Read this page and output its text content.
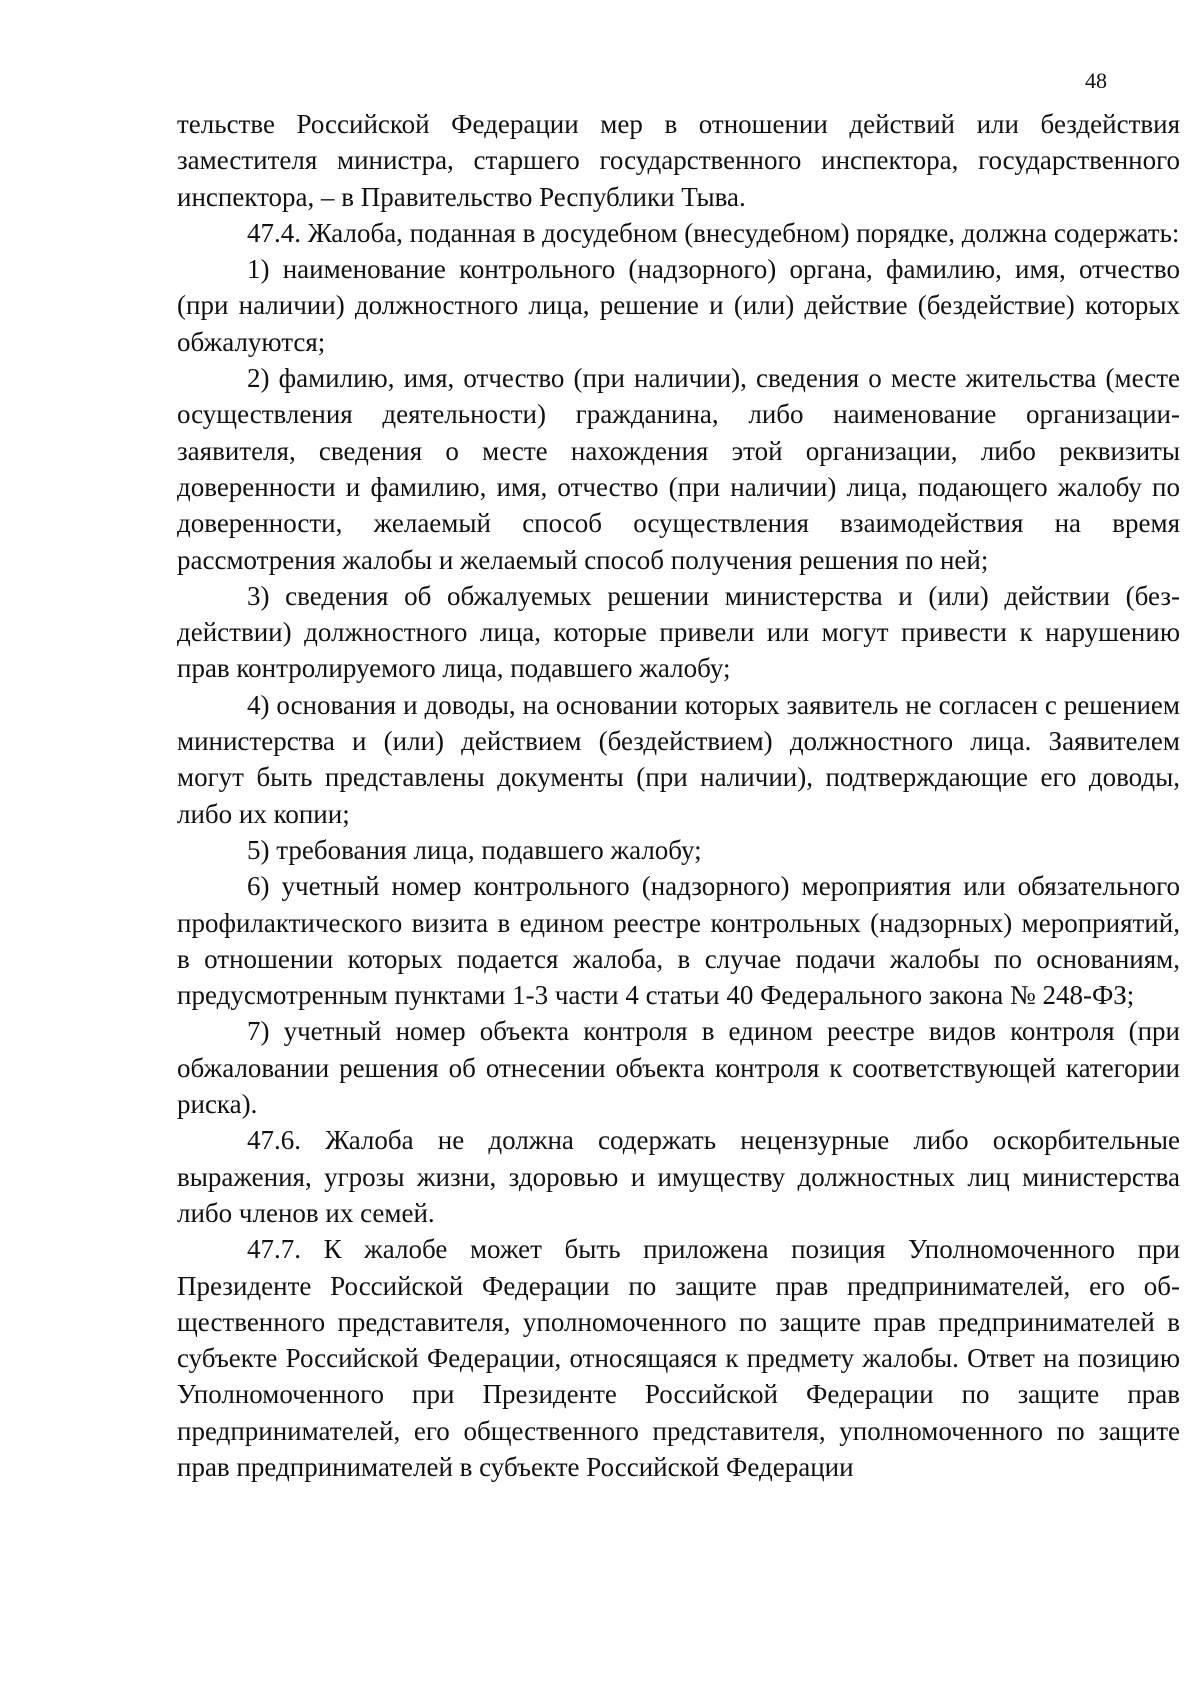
48

тельстве Российской Федерации мер в отношении действий или бездействия заместителя министра, старшего государственного инспектора, государственного инспектора, – в Правительство Республики Тыва.

47.4. Жалоба, поданная в досудебном (внесудебном) порядке, должна содержать:

1) наименование контрольного (надзорного) органа, фамилию, имя, отчество (при наличии) должностного лица, решение и (или) действие (бездействие) которых обжалуются;

2) фамилию, имя, отчество (при наличии), сведения о месте жительства (месте осуществления деятельности) гражданина, либо наименование организации-заявителя, сведения о месте нахождения этой организации, либо реквизиты доверенности и фамилию, имя, отчество (при наличии) лица, подающего жалобу по доверенности, желаемый способ осуществления взаимодействия на время рассмотрения жалобы и желаемый способ получения решения по ней;

3) сведения об обжалуемых решении министерства и (или) действии (бездействии) должностного лица, которые привели или могут привести к нарушению прав контролируемого лица, подавшего жалобу;

4) основания и доводы, на основании которых заявитель не согласен с решением министерства и (или) действием (бездействием) должностного лица. Заявителем могут быть представлены документы (при наличии), подтверждающие его доводы, либо их копии;

5) требования лица, подавшего жалобу;

6) учетный номер контрольного (надзорного) мероприятия или обязательного профилактического визита в едином реестре контрольных (надзорных) мероприятий, в отношении которых подается жалоба, в случае подачи жалобы по основаниям, предусмотренным пунктами 1-3 части 4 статьи 40 Федерального закона № 248-ФЗ;

7) учетный номер объекта контроля в едином реестре видов контроля (при обжаловании решения об отнесении объекта контроля к соответствующей категории риска).

47.6. Жалоба не должна содержать нецензурные либо оскорбительные выражения, угрозы жизни, здоровью и имуществу должностных лиц министерства либо членов их семей.

47.7. К жалобе может быть приложена позиция Уполномоченного при Президенте Российской Федерации по защите прав предпринимателей, его общественного представителя, уполномоченного по защите прав предпринимателей в субъекте Российской Федерации, относящаяся к предмету жалобы. Ответ на позицию Уполномоченного при Президенте Российской Федерации по защите прав предпринимателей, его общественного представителя, уполномоченного по защите прав предпринимателей в субъекте Российской Федерации
